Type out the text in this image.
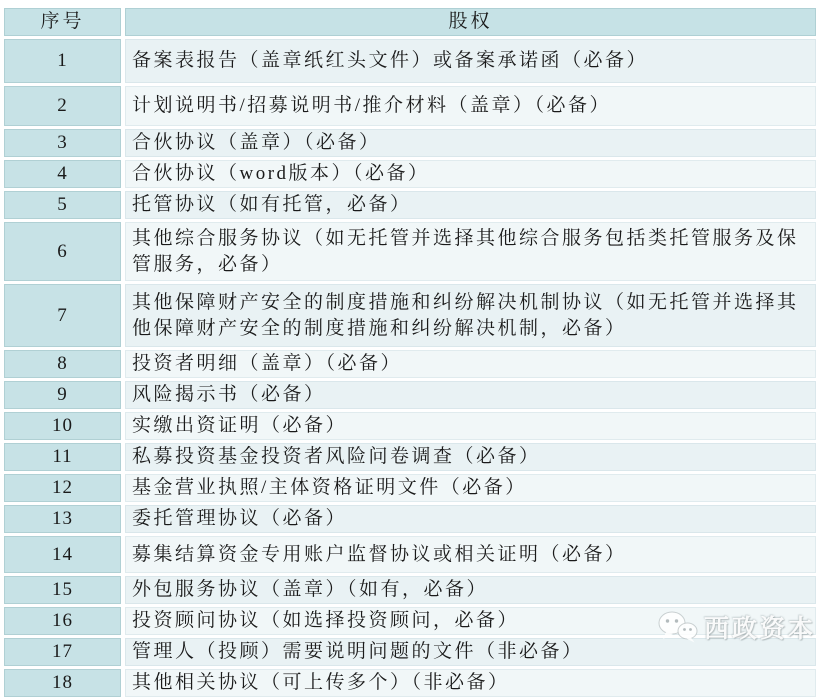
序号	股权
1	备案表报告（盖章纸红头文件）或备案承诺函（必备）
2	计划说明书/招募说明书/推介材料（盖章）（必备）
3	合伙协议（盖章）（必备）
4	合伙协议（word版本）（必备）
5	托管协议（如有托管，必备）
6	其他综合服务协议（如无托管并选择其他综合服务包括类托管服务及保管服务，必备）
7	其他保障财产安全的制度措施和纠纷解决机制协议（如无托管并选择其他保障财产安全的制度措施和纠纷解决机制，必备）
8	投资者明细（盖章）（必备）
9	风险揭示书（必备）
10	实缴出资证明（必备）
11	私募投资基金投资者风险问卷调查（必备）
12	基金营业执照/主体资格证明文件（必备）
13	委托管理协议（必备）
14	募集结算资金专用账户监督协议或相关证明（必备）
15	外包服务协议（盖章）（如有，必备）
16	投资顾问协议（如选择投资顾问，必备）
17	管理人（投顾）需要说明问题的文件（非必备）
18	其他相关协议（可上传多个）（非必备）
西政资本
